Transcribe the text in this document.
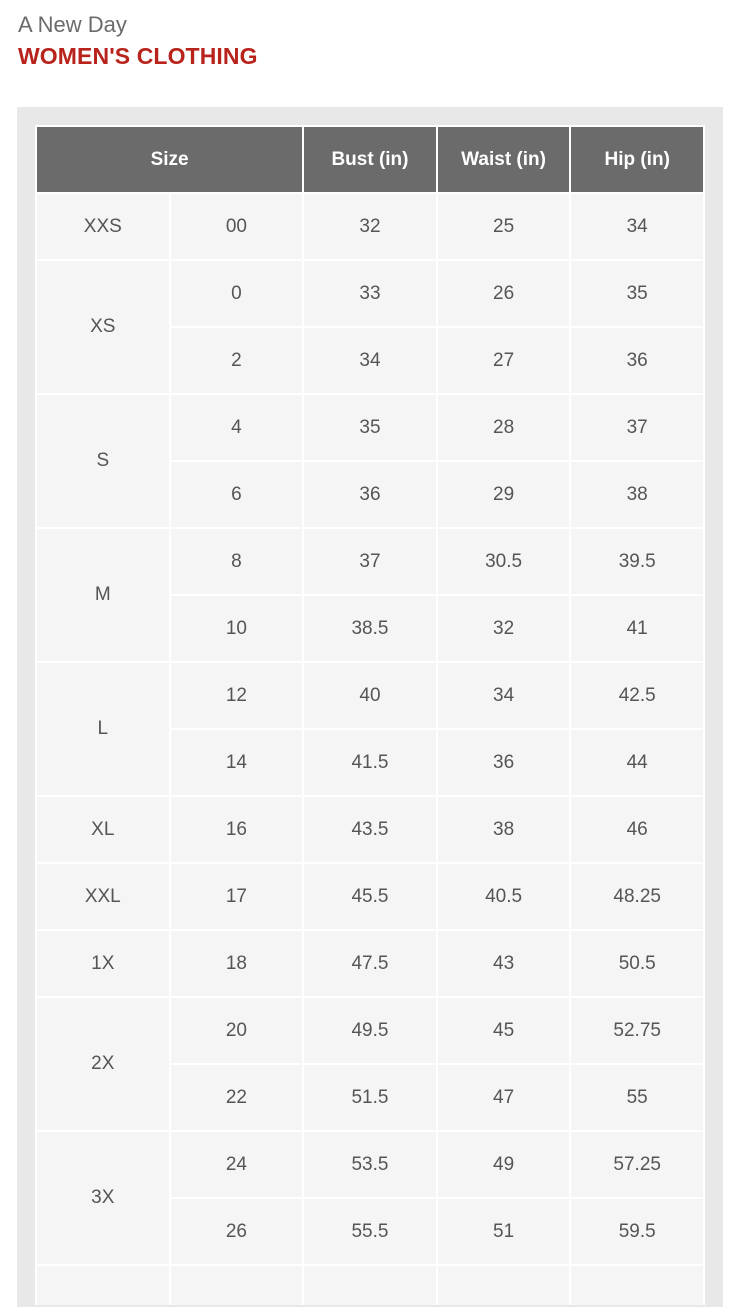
A New Day
WOMEN'S CLOTHING
Size		Bust (in)	Waist (in)	Hip (in)
XXS	00	32	25	34
XS	0	33	26	35
	2	34	27	36
S	4	35	28	37
	6	36	29	38
M	8	37	30.5	39.5
	10	38.5	32	41
L	12	40	34	42.5
	14	41.5	36	44
XL	16	43.5	38	46
XXL	17	45.5	40.5	48.25
1X	18	47.5	43	50.5
2X	20	49.5	45	52.75
	22	51.5	47	55
3X	24	53.5	49	57.25
	26	55.5	51	59.5
